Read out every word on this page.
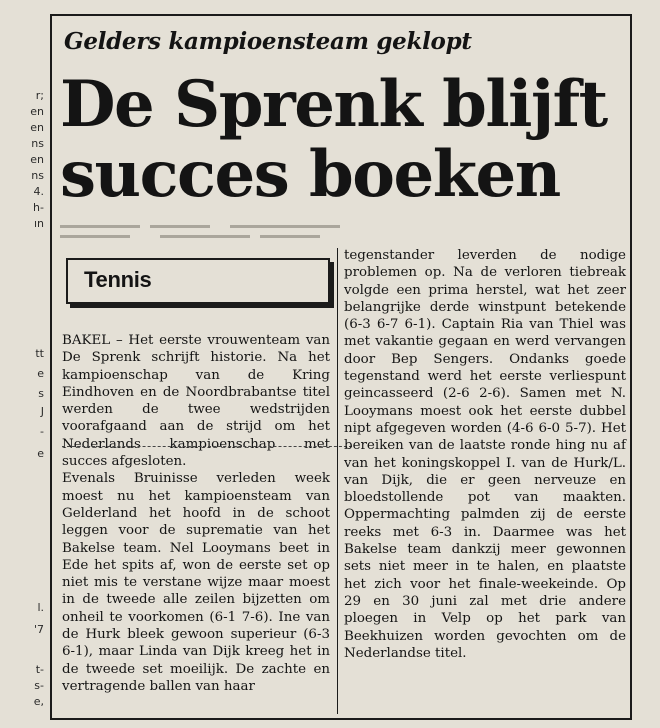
r;
en
en
ns
en
ns
4.
h-
ın
tt
e
s
J
-
e
l.
'7
t-
s-
e,
Gelders kampioensteam geklopt
De Sprenk blijft
succes boeken
Tennis

BAKEL – Het eerste vrouwenteam van De Sprenk schrijft historie. Na het kampioenschap van de Kring Eindhoven en de Noordbrabantse titel werden de twee wedstrijden voorafgaand aan de strijd om het Nederlands kampioenschap met succes afgesloten.

Evenals Bruinisse verleden week moest nu het kampioensteam van Gelderland het hoofd in de schoot leggen voor de suprematie van het Bakelse team. Nel Looymans beet in Ede het spits af, won de eerste set op niet mis te verstane wijze maar moest in de tweede alle zeilen bijzetten om onheil te voorkomen (6-1 7-6). Ine van de Hurk bleek gewoon superieur (6-3 6-1), maar Linda van Dijk kreeg het in de tweede set moeilijk. De zachte en vertragende ballen van haar

tegenstander leverden de nodige problemen op. Na de verloren tiebreak volgde een prima herstel, wat het zeer belangrijke derde winstpunt betekende (6-3 6-7 6-1). Captain Ria van Thiel was met vakantie gegaan en werd vervangen door Bep Sengers. Ondanks goede tegenstand werd het eerste verliespunt geincasseerd (2-6 2-6). Samen met N. Looymans moest ook het eerste dubbel nipt afgegeven worden (4-6 6-0 5-7). Het bereiken van de laatste ronde hing nu af van het koningskoppel I. van de Hurk/L. van Dijk, die er geen nerveuze en bloedstollende pot van maakten. Oppermachting palmden zij de eerste reeks met 6-3 in. Daarmee was het Bakelse team dankzij meer gewonnen sets niet meer in te halen, en plaatste het zich voor het finale-weekeinde. Op 29 en 30 juni zal met drie andere ploegen in Velp op het park van Beekhuizen worden gevochten om de Nederlandse titel.
